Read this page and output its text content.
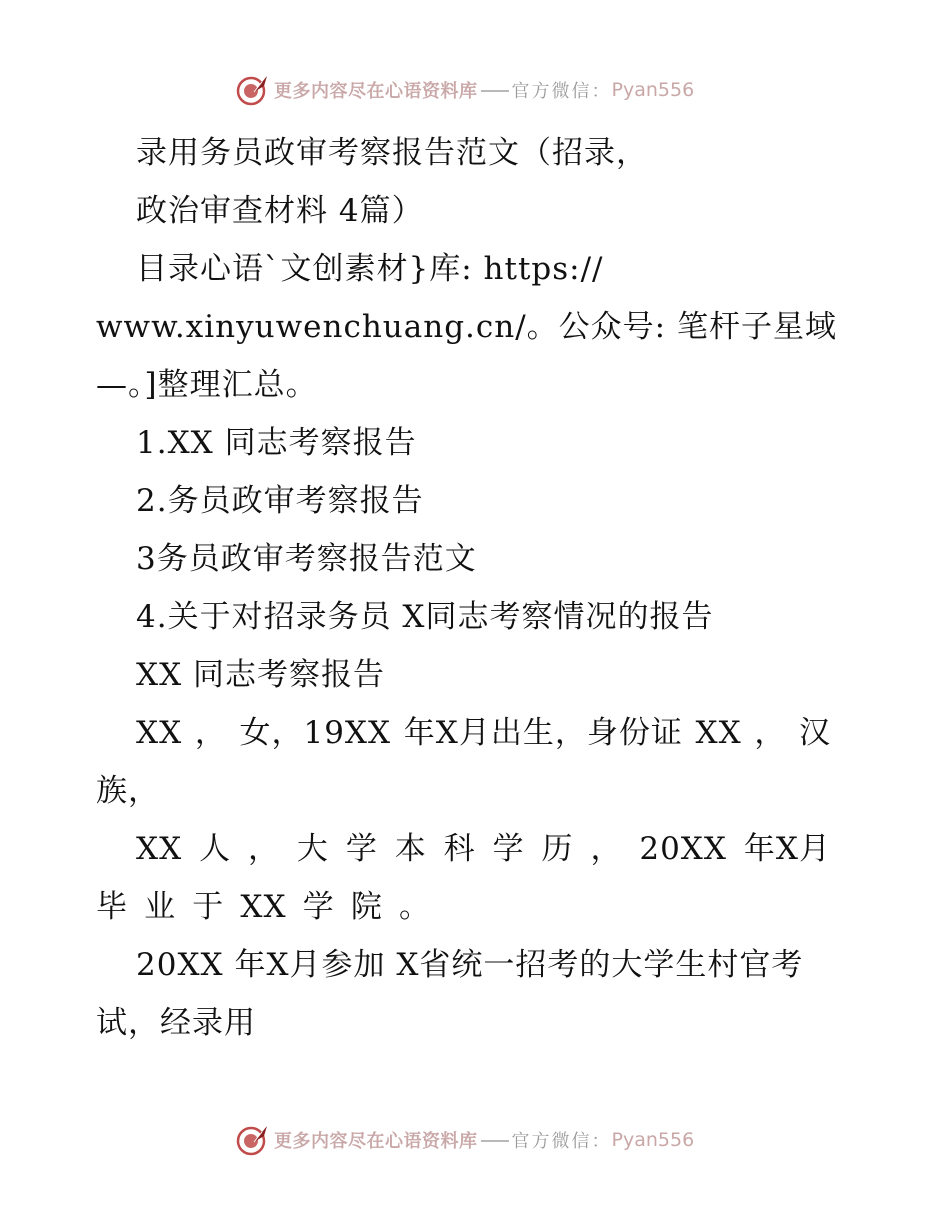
更多内容尽在心语资料库 官方微信： Pyan556
录用务员政审考察报告范文（招录，
政治审查材料 4篇）
目录心语`文创素材}库: https://
www.xinyuwenchuang.cn/。公众号: 笔杆子星域
—。]整理汇总。
1.XX 同志考察报告
2.务员政审考察报告
3务员政审考察报告范文
4.关于对招录务员 X同志考察情况的报告
XX 同志考察报告
XX ， 女，19XX 年X月出生，身份证 XX ， 汉
族，
XX 人 ， 大 学 本 科 学 历 ， 20XX 年X月
毕 业 于 XX 学 院 。
20XX 年X月参加 X省统一招考的大学生村官考
试，经录用
更多内容尽在心语资料库 官方微信： Pyan556
